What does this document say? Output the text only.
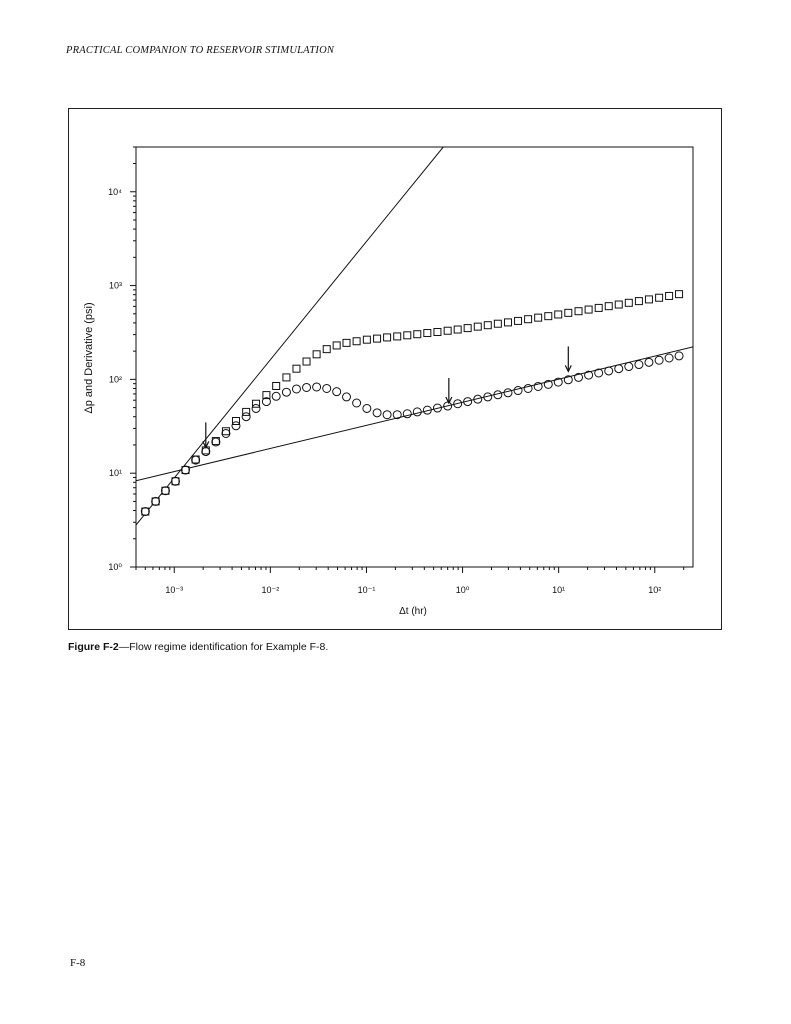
PRACTICAL COMPANION TO RESERVOIR STIMULATION
10⁻³	10⁻²	10⁻¹	10⁰	10¹	10²
10⁰
10¹
10²
10³
10⁴
Δp and Derivative (psi)
Δt (hr)
Figure F-2—Flow regime identification for Example F-8.
F-8
